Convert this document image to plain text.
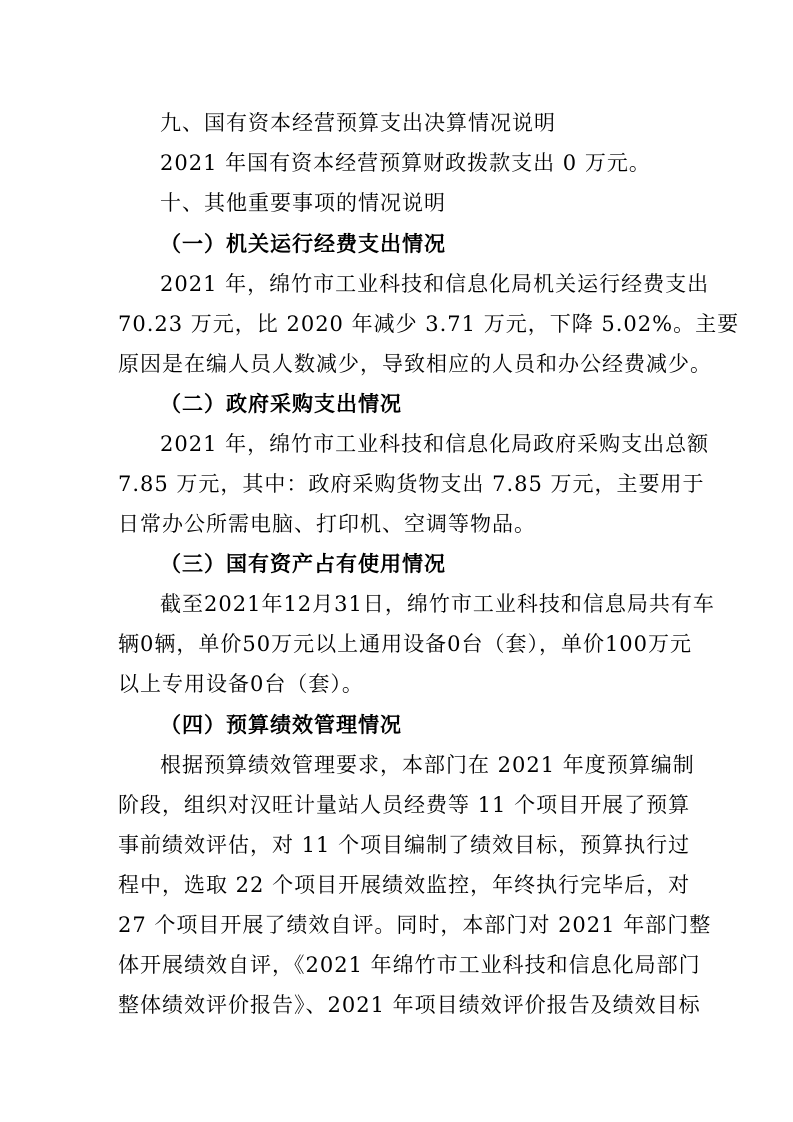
九、国有资本经营预算支出决算情况说明
2021 年国有资本经营预算财政拨款支出 0 万元。
十、其他重要事项的情况说明
（一）机关运行经费支出情况
2021 年，绵竹市工业科技和信息化局机关运行经费支出
70.23 万元，比 2020 年减少 3.71 万元，下降 5.02%。主要
原因是在编人员人数减少，导致相应的人员和办公经费减少。
（二）政府采购支出情况
2021 年，绵竹市工业科技和信息化局政府采购支出总额
7.85 万元，其中：政府采购货物支出 7.85 万元，主要用于
日常办公所需电脑、打印机、空调等物品。
（三）国有资产占有使用情况
截至2021年12月31日，绵竹市工业科技和信息局共有车
辆0辆，单价50万元以上通用设备0台（套），单价100万元
以上专用设备0台（套）。
（四）预算绩效管理情况
根据预算绩效管理要求，本部门在 2021 年度预算编制
阶段，组织对汉旺计量站人员经费等 11 个项目开展了预算
事前绩效评估，对 11 个项目编制了绩效目标，预算执行过
程中，选取 22 个项目开展绩效监控，年终执行完毕后，对
27 个项目开展了绩效自评。同时，本部门对 2021 年部门整
体开展绩效自评，《2021 年绵竹市工业科技和信息化局部门
整体绩效评价报告》、2021 年项目绩效评价报告及绩效目标
